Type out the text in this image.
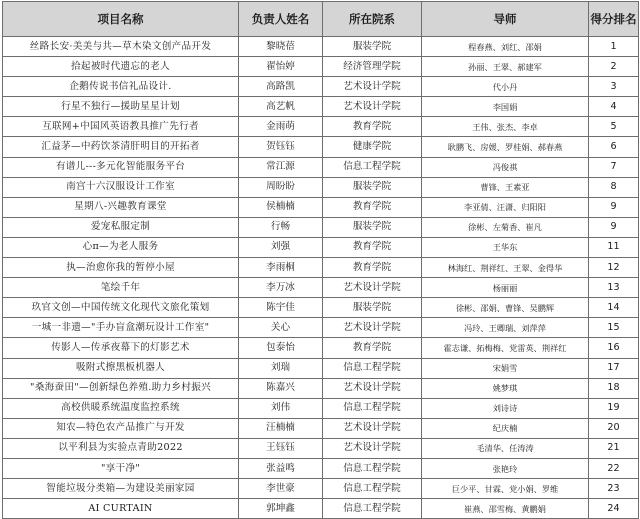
项目名称	负责人姓名	所在院系	导师	得分排名
丝路长安·美美与共—草木染文创产品开发	黎晓蓓	服装学院	程春燕、刘红、邵娟	1
拾起被时代遗忘的老人	翟怡婷	经济管理学院	孙丽、王翠、郝建军	2
企鹅传说书信礼品设计.	高路凯	艺术设计学院	代小丹	3
行星不独行—援助星星计划	高艺帆	艺术设计学院	李国娟	4
互联网+中国风英语教具推广先行者	金雨萌	教育学院	王伟、张杰、李卓	5
汇益茅—中药饮茶清肝明目的开拓者	贺钰钰	健康学院	耿鹏飞、房媛、罗桂娟、郝春燕	6
有谱儿---多元化智能服务平台	常江源	信息工程学院	冯俊祺	7
南宫十六汉服设计工作室	周盼盼	服装学院	曹锋、王素亚	8
星期八-兴趣教育课堂	侯楠楠	教育学院	李亚倩、汪潇、归阳阳	9
爱宠私服定制	行畅	服装学院	徐彬、左菊香、崔凡	9
心π—为老人服务	刘强	教育学院	王华东	11
执—治愈你我的暂停小屋	李雨桐	教育学院	林海红、荆祥红、王翠、金得华	12
笔绘千年	李万冰	艺术设计学院	杨丽丽	13
玖官文创—中国传统文化现代文旅化策划	陈宇佳	服装学院	徐彬、邵娟、曹锋、吴鹏辉	14
一城一非遗—"手办盲盒潮玩设计工作室"	关心	艺术设计学院	冯玲、王卿瑞、刘萍萍	15
传影人—传承夜幕下的灯影艺术	包泰怡	教育学院	霍志谦、拓梅梅、党雷英、荆祥红	16
吸附式擦黑板机器人	刘瑞	信息工程学院	宋娟雪	17
"桑海蚕田"—创新绿色养殖.助力乡村振兴	陈嘉兴	艺术设计学院	姚梦琪	18
高校供暖系统温度监控系统	刘伟	信息工程学院	刘诗诗	19
知农—特色农产品推广与开发	汪楠楠	艺术设计学院	纪庆楠	20
以平利县为实验点青助2022	王钰钰	艺术设计学院	毛清华、任涛涛	21
"享干净"	张益鸣	信息工程学院	张艳玲	22
智能垃圾分类箱—为建设美丽家园	李世豪	信息工程学院	巨少平、甘霖、党小娟、罗维	23
AI CURTAIN	郭坤鑫	信息工程学院	崔燕、邵雪梅、黄鹏娟	24
